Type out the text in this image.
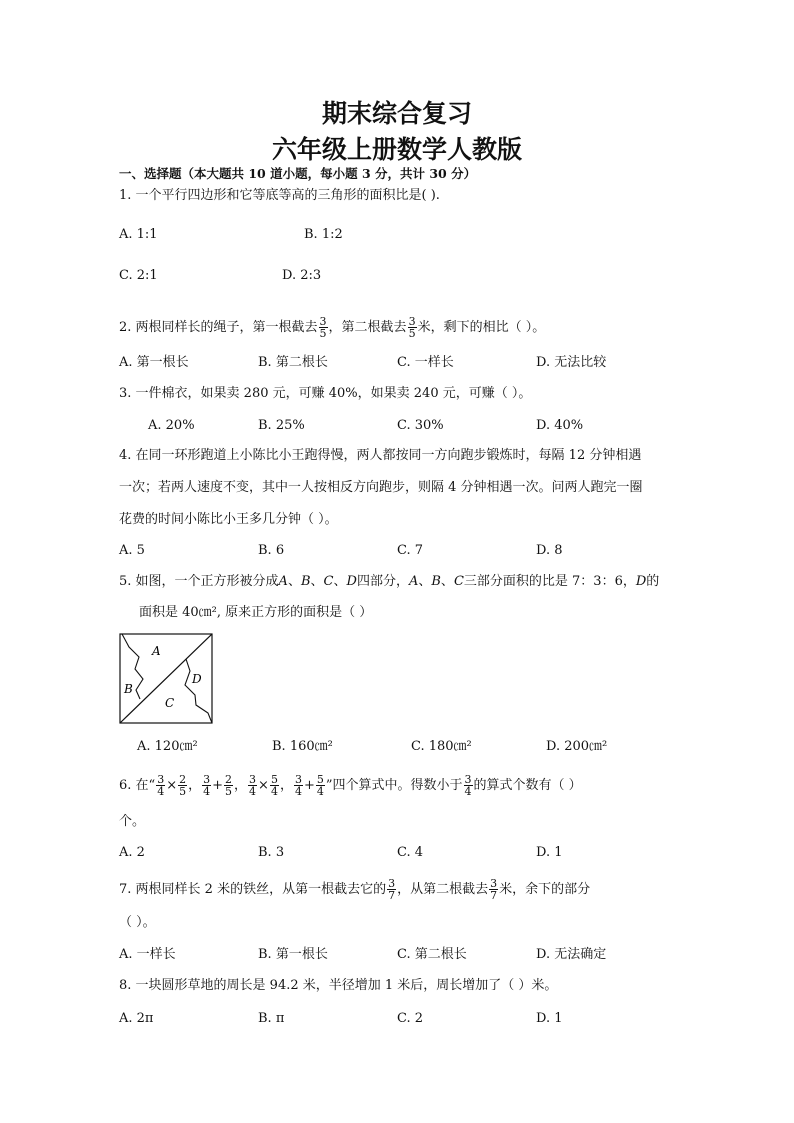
期末综合复习
六年级上册数学人教版
一、选择题（本大题共 10 道小题，每小题 3 分，共计 30 分）
1. 一个平行四边形和它等底等高的三角形的面积比是( ).
A. 1:1	B. 1:2
C. 2:1	D. 2:3
2. 两根同样长的绳子，第一根截去 $\frac{3}{5}$ ，第二根截去 $\frac{3}{5}$ 米，剩下的相比（ ）。
A. 第一根长	B. 第二根长	C. 一样长	D. 无法比较
3. 一件棉衣，如果卖 280 元，可赚 40%，如果卖 240 元，可赚（ ）。
A. 20%	B. 25%	C. 30%	D. 40%
4. 在同一环形跑道上小陈比小王跑得慢，两人都按同一方向跑步锻炼时，每隔 12 分钟相遇
一次；若两人速度不变，其中一人按相反方向跑步，则隔 4 分钟相遇一次。问两人跑完一圈
花费的时间小陈比小王多几分钟（ ）。
A. 5	B. 6	C. 7	D. 8
5. 如图，一个正方形被分成A、B、C、D四部分，A、B、C三部分面积的比是 7：3：6，D的
面积是 40㎝², 原来正方形的面积是（ ）
A
B
C
D
A. 120㎝²	B. 160㎝²	C. 180㎝²	D. 200㎝²
6. 在“ $\frac{3}{4} \times \frac{2}{5}$ ， $\frac{3}{4} + \frac{2}{5}$ ， $\frac{3}{4} \times \frac{5}{4}$ ， $\frac{3}{4} + \frac{5}{4}$ ”四个算式中。得数小于 $\frac{3}{4}$ 的算式个数有（ ）
个。
A. 2	B. 3	C. 4	D. 1
7. 两根同样长 2 米的铁丝，从第一根截去它的 $\frac{3}{7}$ ，从第二根截去 $\frac{3}{7}$ 米，余下的部分
（ ）。
A. 一样长	B. 第一根长	C. 第二根长	D. 无法确定
8. 一块圆形草地的周长是 94.2 米，半径增加 1 米后，周长增加了（ ）米。
A. 2π	B. π	C. 2	D. 1
